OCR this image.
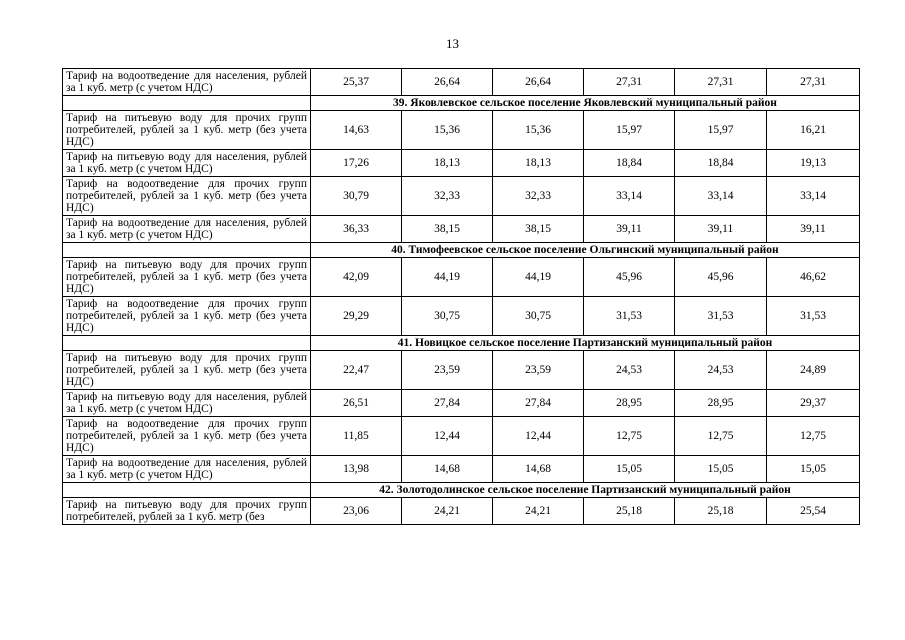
13
Тариф на водоотведение для населения, рублей за 1 куб. метр (с учетом НДС)	25,37	26,64	26,64	27,31	27,31	27,31
	39. Яковлевское сельское поселение Яковлевский муниципальный район					
Тариф на питьевую воду для прочих групп потребителей, рублей за 1 куб. метр (без учета НДС)	14,63	15,36	15,36	15,97	15,97	16,21
Тариф на питьевую воду для населения, рублей за 1 куб. метр (с учетом НДС)	17,26	18,13	18,13	18,84	18,84	19,13
Тариф на водоотведение для прочих групп потребителей, рублей за 1 куб. метр (без учета НДС)	30,79	32,33	32,33	33,14	33,14	33,14
Тариф на водоотведение для населения, рублей за 1 куб. метр (с учетом НДС)	36,33	38,15	38,15	39,11	39,11	39,11
	40. Тимофеевское сельское поселение Ольгинский муниципальный район					
Тариф на питьевую воду для прочих групп потребителей, рублей за 1 куб. метр (без учета НДС)	42,09	44,19	44,19	45,96	45,96	46,62
Тариф на водоотведение для прочих групп потребителей, рублей за 1 куб. метр (без учета НДС)	29,29	30,75	30,75	31,53	31,53	31,53
	41. Новицкое сельское поселение Партизанский муниципальный район					
Тариф на питьевую воду для прочих групп потребителей, рублей за 1 куб. метр (без учета НДС)	22,47	23,59	23,59	24,53	24,53	24,89
Тариф на питьевую воду для населения, рублей за 1 куб. метр (с учетом НДС)	26,51	27,84	27,84	28,95	28,95	29,37
Тариф на водоотведение для прочих групп потребителей, рублей за 1 куб. метр (без учета НДС)	11,85	12,44	12,44	12,75	12,75	12,75
Тариф на водоотведение для населения, рублей за 1 куб. метр (с учетом НДС)	13,98	14,68	14,68	15,05	15,05	15,05
	42. Золотодолинское сельское поселение Партизанский муниципальный район					
Тариф на питьевую воду для прочих групп потребителей, рублей за 1 куб. метр (без	23,06	24,21	24,21	25,18	25,18	25,54
